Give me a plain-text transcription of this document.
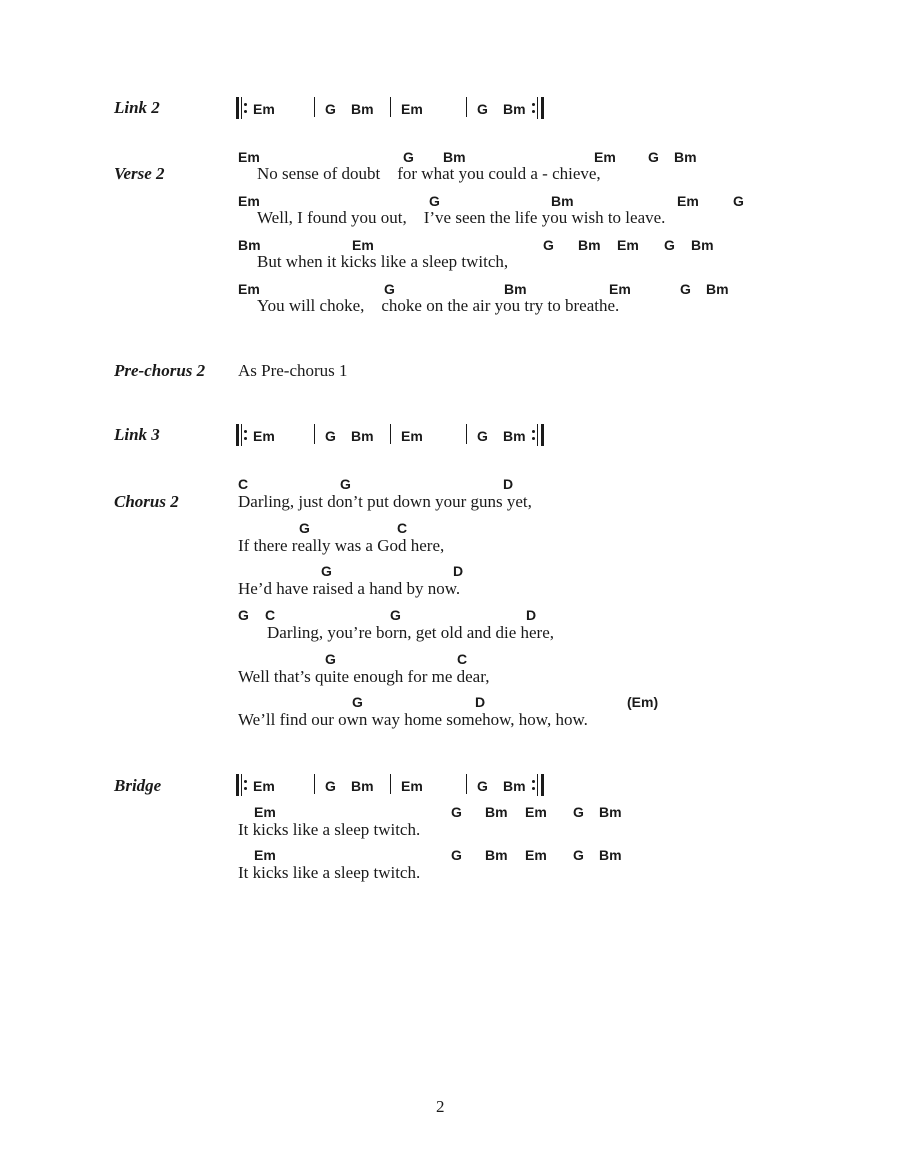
Link 2	Em	G Bm Em	G Bm
Verse 2
Em	G Bm	Em G Bm
No sense of doubt    for what you could a - chieve,
Em	G	Bm	Em G
Well, I found you out,    I’ve seen the life you wish to leave.
Bm	Em	G Bm Em G Bm
But when it kicks like a sleep twitch,
Em	G	Bm	Em	G Bm
You will choke,    choke on the air you try to breathe.
Pre-chorus 2 As Pre-chorus 1
Link 3	Em	G Bm Em	G Bm
Chorus 2
C	G	D
Darling, just don’t put down your guns yet,
G	C
If there really was a God here,
G	D
He’d have raised a hand by now.
G C	G	D
Darling, you’re born, get old and die here,
G	C
Well that’s quite enough for me dear,
G	D	(Em)
We’ll find our own way home somehow, how, how.
Bridge	Em	G Bm Em	G Bm
Em	G Bm Em G Bm
It kicks like a sleep twitch.
Em	G Bm Em G Bm
It kicks like a sleep twitch.
2
